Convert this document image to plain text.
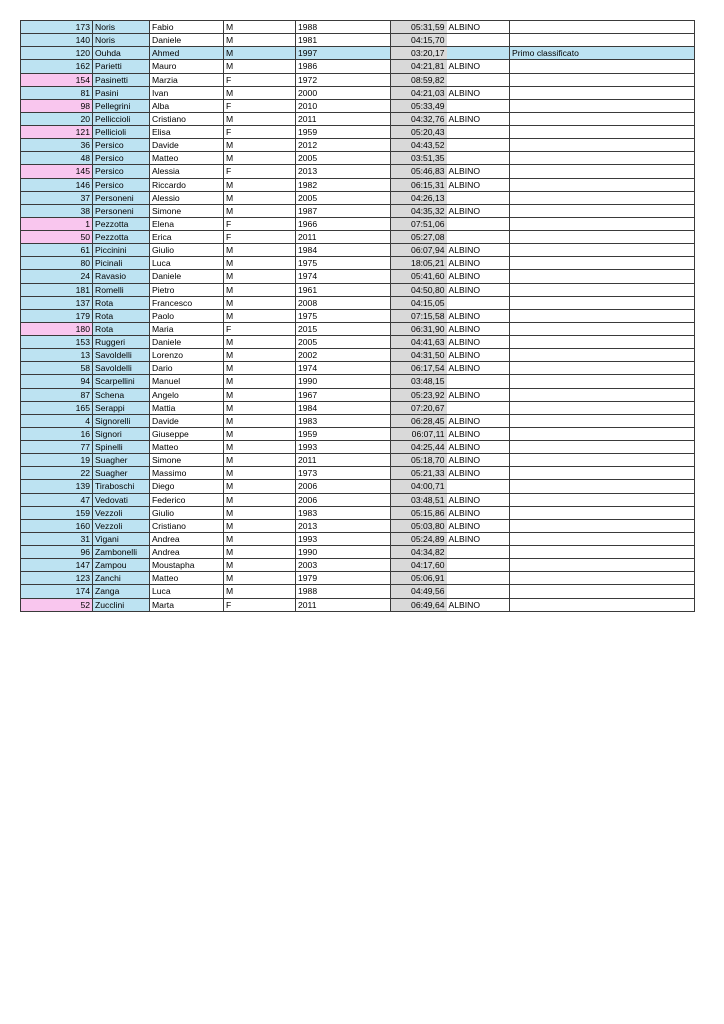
173	Noris	Fabio	M	1988	05:31,59	ALBINO	
140	Noris	Daniele	M	1981	04:15,70		
120	Ouhda	Ahmed	M	1997	03:20,17		Primo classificato
162	Parietti	Mauro	M	1986	04:21,81	ALBINO	
154	Pasinetti	Marzia	F	1972	08:59,82		
81	Pasini	Ivan	M	2000	04:21,03	ALBINO	
98	Pellegrini	Alba	F	2010	05:33,49		
20	Pelliccioli	Cristiano	M	2011	04:32,76	ALBINO	
121	Pellicioli	Elisa	F	1959	05:20,43		
36	Persico	Davide	M	2012	04:43,52		
48	Persico	Matteo	M	2005	03:51,35		
145	Persico	Alessia	F	2013	05:46,83	ALBINO	
146	Persico	Riccardo	M	1982	06:15,31	ALBINO	
37	Personeni	Alessio	M	2005	04:26,13		
38	Personeni	Simone	M	1987	04:35,32	ALBINO	
1	Pezzotta	Elena	F	1966	07:51,06		
50	Pezzotta	Erica	F	2011	05:27,08		
61	Piccinini	Giulio	M	1984	06:07,94	ALBINO	
80	Picinali	Luca	M	1975	18:05,21	ALBINO	
24	Ravasio	Daniele	M	1974	05:41,60	ALBINO	
181	Romelli	Pietro	M	1961	04:50,80	ALBINO	
137	Rota	Francesco	M	2008	04:15,05		
179	Rota	Paolo	M	1975	07:15,58	ALBINO	
180	Rota	Maria	F	2015	06:31,90	ALBINO	
153	Ruggeri	Daniele	M	2005	04:41,63	ALBINO	
13	Savoldelli	Lorenzo	M	2002	04:31,50	ALBINO	
58	Savoldelli	Dario	M	1974	06:17,54	ALBINO	
94	Scarpellini	Manuel	M	1990	03:48,15		
87	Schena	Angelo	M	1967	05:23,92	ALBINO	
165	Serappi	Mattia	M	1984	07:20,67		
4	Signorelli	Davide	M	1983	06:28,45	ALBINO	
16	Signori	Giuseppe	M	1959	06:07,11	ALBINO	
77	Spinelli	Matteo	M	1993	04:25,44	ALBINO	
19	Suagher	Simone	M	2011	05:18,70	ALBINO	
22	Suagher	Massimo	M	1973	05:21,33	ALBINO	
139	Tiraboschi	Diego	M	2006	04:00,71		
47	Vedovati	Federico	M	2006	03:48,51	ALBINO	
159	Vezzoli	Giulio	M	1983	05:15,86	ALBINO	
160	Vezzoli	Cristiano	M	2013	05:03,80	ALBINO	
31	Vigani	Andrea	M	1993	05:24,89	ALBINO	
96	Zambonelli	Andrea	M	1990	04:34,82		
147	Zampou	Moustapha	M	2003	04:17,60		
123	Zanchi	Matteo	M	1979	05:06,91		
174	Zanga	Luca	M	1988	04:49,56		
52	Zucclini	Marta	F	2011	06:49,64	ALBINO	
